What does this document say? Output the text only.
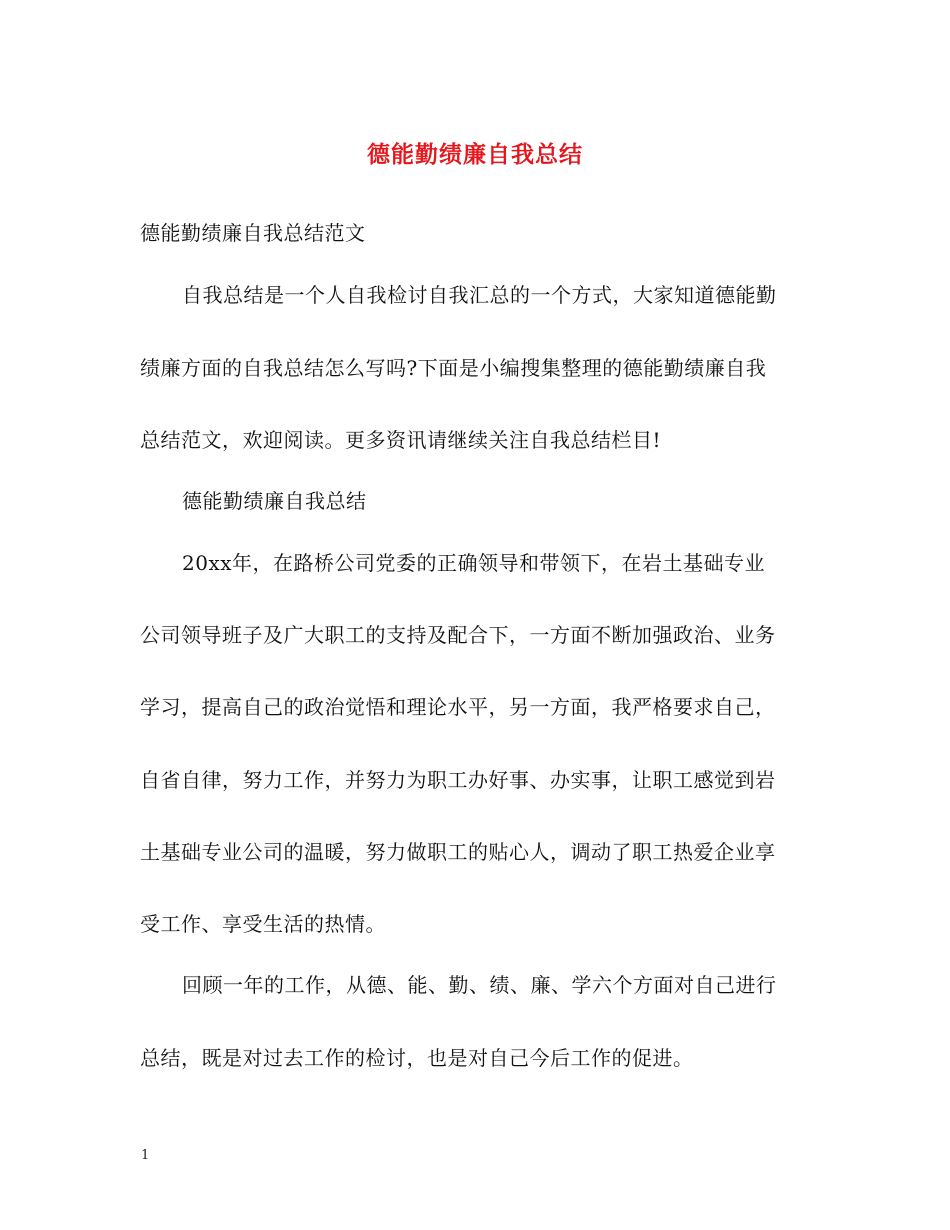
德能勤绩廉自我总结
德能勤绩廉自我总结范文
自我总结是一个人自我检讨自我汇总的一个方式，大家知道德能勤
绩廉方面的自我总结怎么写吗?下面是小编搜集整理的德能勤绩廉自我
总结范文，欢迎阅读。更多资讯请继续关注自我总结栏目!
德能勤绩廉自我总结
20xx年，在路桥公司党委的正确领导和带领下，在岩土基础专业
公司领导班子及广大职工的支持及配合下，一方面不断加强政治、业务
学习，提高自己的政治觉悟和理论水平，另一方面，我严格要求自己，
自省自律，努力工作，并努力为职工办好事、办实事，让职工感觉到岩
土基础专业公司的温暖，努力做职工的贴心人，调动了职工热爱企业享
受工作、享受生活的热情。
回顾一年的工作，从德、能、勤、绩、廉、学六个方面对自己进行
总结，既是对过去工作的检讨，也是对自己今后工作的促进。
1
